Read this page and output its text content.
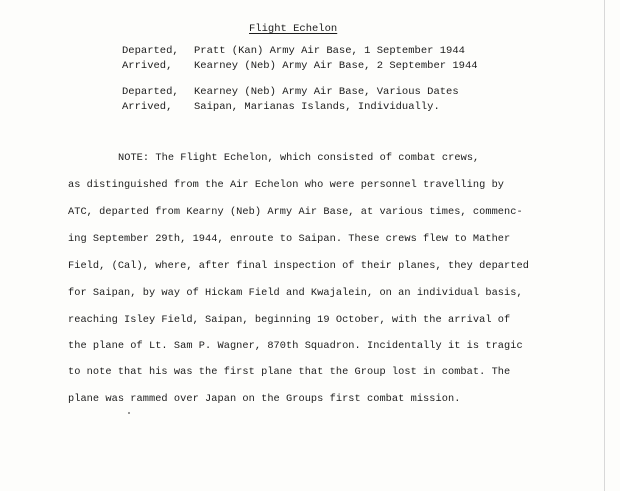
Flight Echelon
Departed, Pratt (Kan) Army Air Base, 1 September 1944
Arrived, Kearney (Neb) Army Air Base, 2 September 1944
Departed, Kearney (Neb) Army Air Base, Various Dates
Arrived, Saipan, Marianas Islands, Individually.
NOTE: The Flight Echelon, which consisted of combat crews,
as distinguished from the Air Echelon who were personnel travelling by
ATC, departed from Kearny (Neb) Army Air Base, at various times, commenc-
ing September 29th, 1944, enroute to Saipan. These crews flew to Mather
Field, (Cal), where, after final inspection of their planes, they departed
for Saipan, by way of Hickam Field and Kwajalein, on an individual basis,
reaching Isley Field, Saipan, beginning 19 October, with the arrival of
the plane of Lt. Sam P. Wagner, 870th Squadron. Incidentally it is tragic
to note that his was the first plane that the Group lost in combat. The
plane was rammed over Japan on the Groups first combat mission.
